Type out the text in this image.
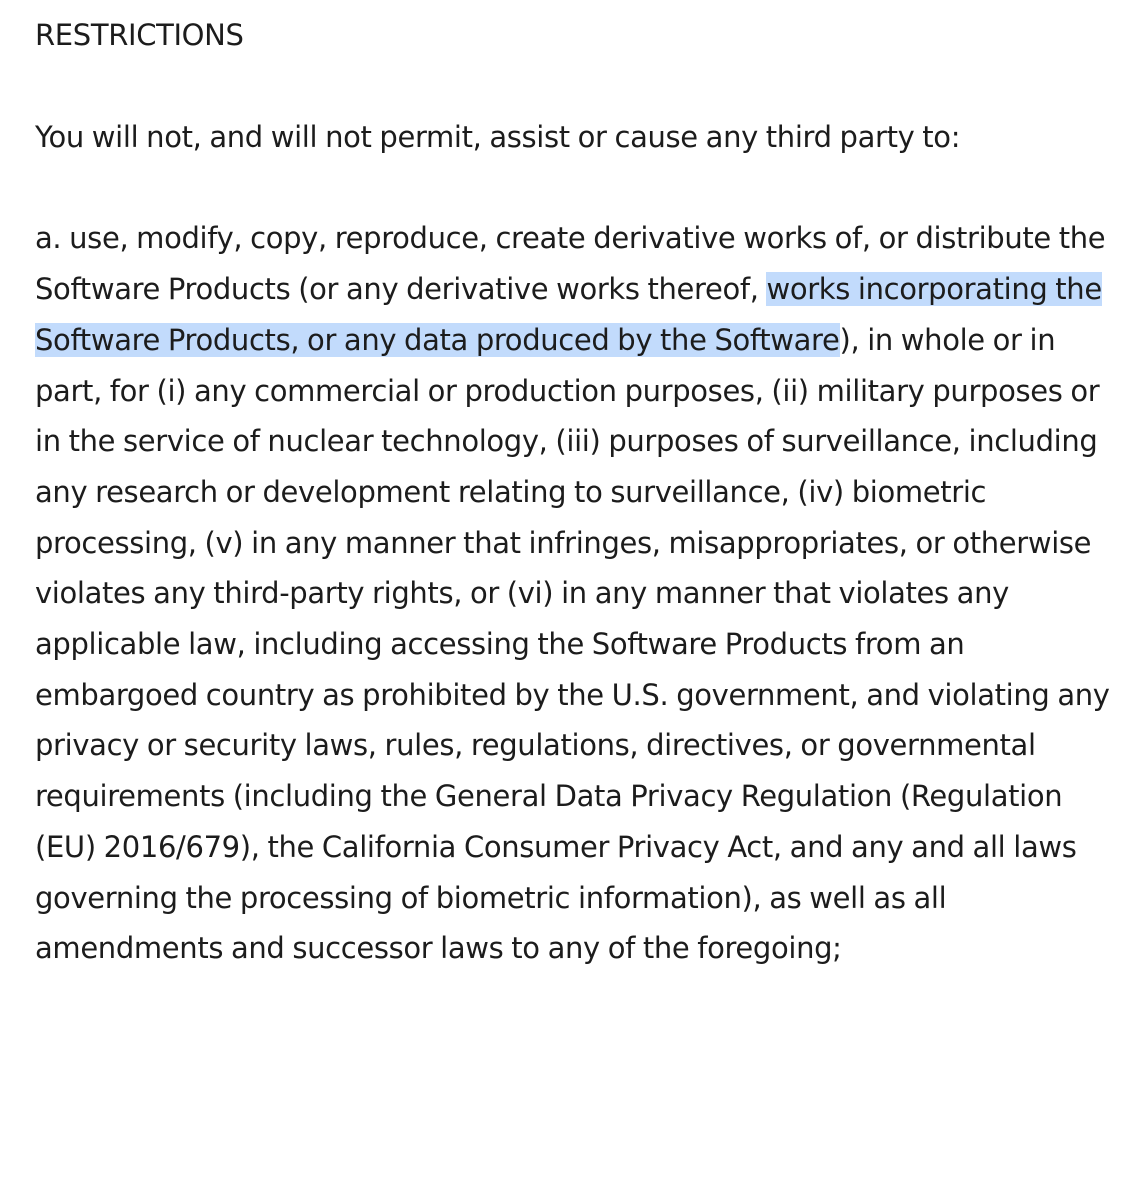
RESTRICTIONS

You will not, and will not permit, assist or cause any third party to:

a. use, modify, copy, reproduce, create derivative works of, or distribute the Software Products (or any derivative works thereof, works incorporating the Software Products, or any data produced by the Software), in whole or in part, for (i) any commercial or production purposes, (ii) military purposes or in the service of nuclear technology, (iii) purposes of surveillance, including any research or development relating to surveillance, (iv) biometric processing, (v) in any manner that infringes, misappropriates, or otherwise violates any third-party rights, or (vi) in any manner that violates any applicable law, including accessing the Software Products from an embargoed country as prohibited by the U.S. government, and violating any privacy or security laws, rules, regulations, directives, or governmental requirements (including the General Data Privacy Regulation (Regulation (EU) 2016/679), the California Consumer Privacy Act, and any and all laws governing the processing of biometric information), as well as all amendments and successor laws to any of the foregoing;
